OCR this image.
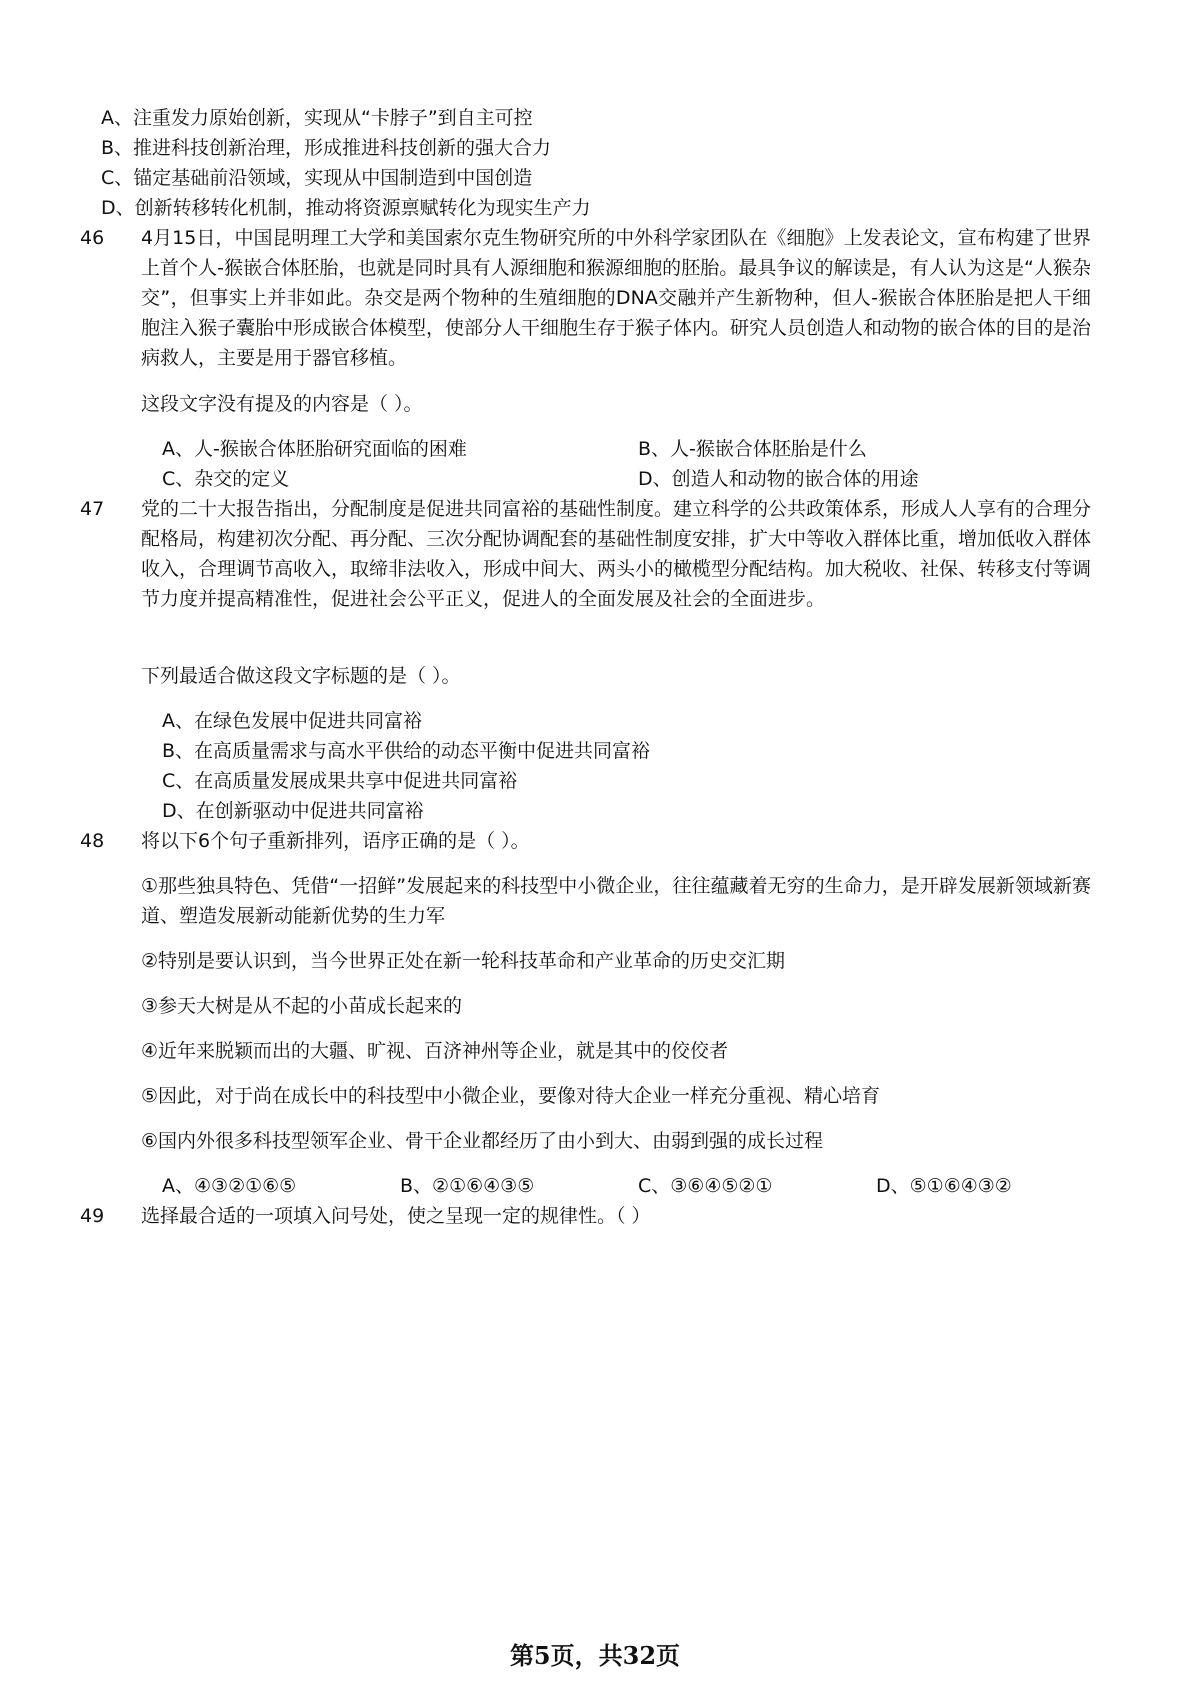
A、注重发力原始创新，实现从“卡脖子”到自主可控
B、推进科技创新治理，形成推进科技创新的强大合力
C、锚定基础前沿领域，实现从中国制造到中国创造
D、创新转移转化机制，推动将资源禀赋转化为现实生产力
46 4月15日，中国昆明理工大学和美国索尔克生物研究所的中外科学家团队在《细胞》上发表论文，宣布构建了世界上首个人-猴嵌合体胚胎，也就是同时具有人源细胞和猴源细胞的胚胎。最具争议的解读是，有人认为这是“人猴杂交”，但事实上并非如此。杂交是两个物种的生殖细胞的DNA交融并产生新物种，但人-猴嵌合体胚胎是把人干细胞注入猴子囊胎中形成嵌合体模型，使部分人干细胞生存于猴子体内。研究人员创造人和动物的嵌合体的目的是治病救人，主要是用于器官移植。
这段文字没有提及的内容是（ ）。
A、人-猴嵌合体胚胎研究面临的困难	B、人-猴嵌合体胚胎是什么
C、杂交的定义	D、创造人和动物的嵌合体的用途
47 党的二十大报告指出，分配制度是促进共同富裕的基础性制度。建立科学的公共政策体系，形成人人享有的合理分配格局，构建初次分配、再分配、三次分配协调配套的基础性制度安排，扩大中等收入群体比重，增加低收入群体收入，合理调节高收入，取缔非法收入，形成中间大、两头小的橄榄型分配结构。加大税收、社保、转移支付等调节力度并提高精准性，促进社会公平正义，促进人的全面发展及社会的全面进步。
下列最适合做这段文字标题的是（ ）。
A、在绿色发展中促进共同富裕
B、在高质量需求与高水平供给的动态平衡中促进共同富裕
C、在高质量发展成果共享中促进共同富裕
D、在创新驱动中促进共同富裕
48 将以下6个句子重新排列，语序正确的是（ ）。
①那些独具特色、凭借“一招鲜”发展起来的科技型中小微企业，往往蕴藏着无穷的生命力，是开辟发展新领域新赛道、塑造发展新动能新优势的生力军
②特别是要认识到，当今世界正处在新一轮科技革命和产业革命的历史交汇期
③参天大树是从不起的小苗成长起来的
④近年来脱颖而出的大疆、旷视、百济神州等企业，就是其中的佼佼者
⑤因此，对于尚在成长中的科技型中小微企业，要像对待大企业一样充分重视、精心培育
⑥国内外很多科技型领军企业、骨干企业都经历了由小到大、由弱到强的成长过程
A、④③②①⑥⑤	B、②①⑥④③⑤	C、③⑥④⑤②①	D、⑤①⑥④③②
49 选择最合适的一项填入问号处，使之呈现一定的规律性。（ ）
第5页，共32页
